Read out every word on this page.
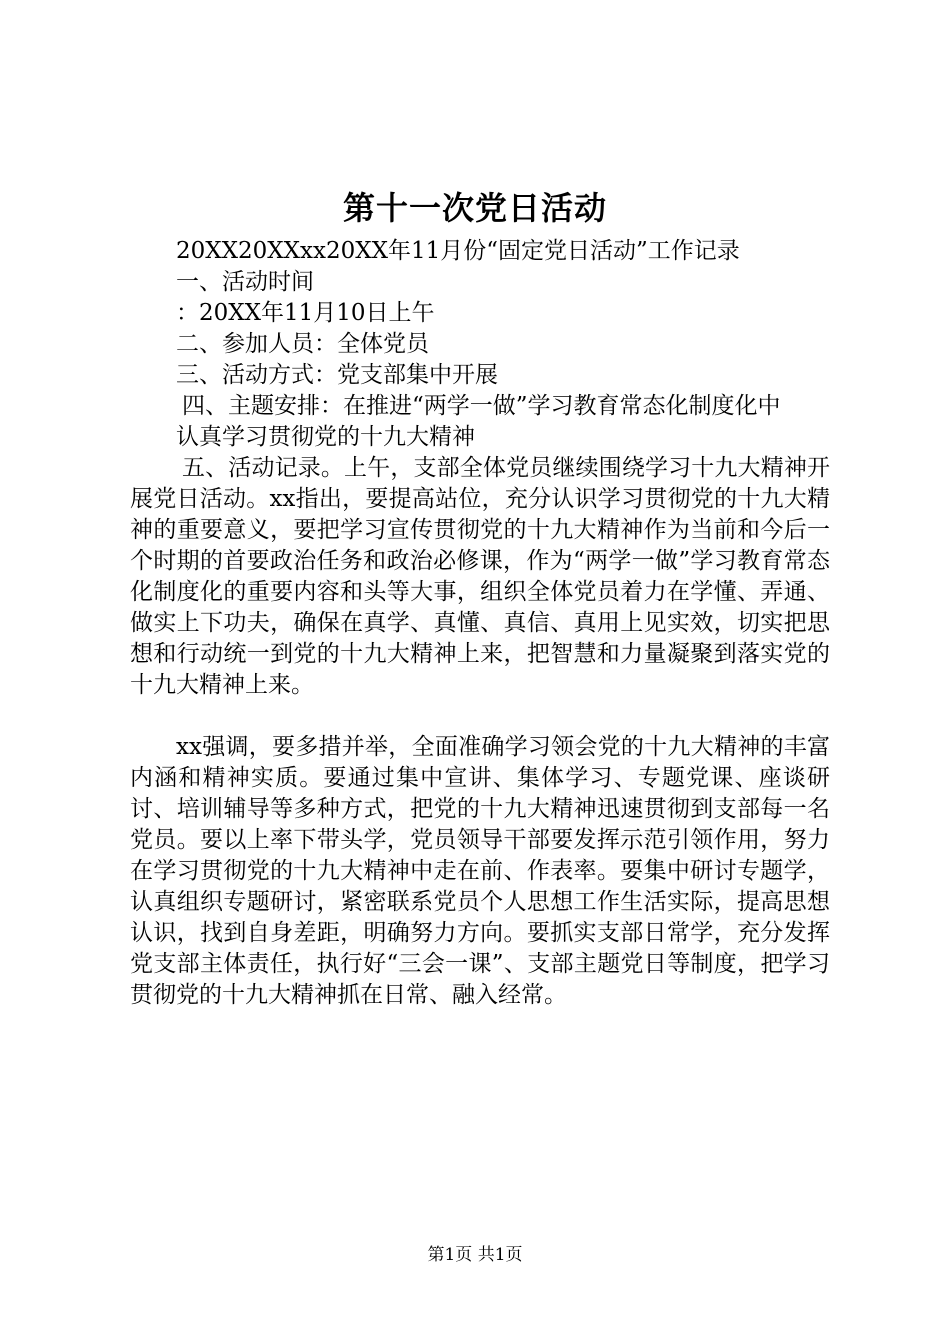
第十一次党日活动

20XX20XXxx20XX年11月份“固定党日活动”工作记录

一、活动时间

：20XX年11月10日上午

二、参加人员：全体党员

三、活动方式：党支部集中开展

四、主题安排：在推进“两学一做”学习教育常态化制度化中

认真学习贯彻党的十九大精神

五、活动记录。上午，支部全体党员继续围绕学习十九大精神开展党日活动。xx指出，要提高站位，充分认识学习贯彻党的十九大精神的重要意义，要把学习宣传贯彻党的十九大精神作为当前和今后一个时期的首要政治任务和政治必修课，作为“两学一做”学习教育常态化制度化的重要内容和头等大事，组织全体党员着力在学懂、弄通、做实上下功夫，确保在真学、真懂、真信、真用上见实效，切实把思想和行动统一到党的十九大精神上来，把智慧和力量凝聚到落实党的十九大精神上来。

xx强调，要多措并举，全面准确学习领会党的十九大精神的丰富内涵和精神实质。要通过集中宣讲、集体学习、专题党课、座谈研讨、培训辅导等多种方式，把党的十九大精神迅速贯彻到支部每一名党员。要以上率下带头学，党员领导干部要发挥示范引领作用，努力在学习贯彻党的十九大精神中走在前、作表率。要集中研讨专题学，认真组织专题研讨，紧密联系党员个人思想工作生活实际，提高思想认识，找到自身差距，明确努力方向。要抓实支部日常学，充分发挥党支部主体责任，执行好“三会一课”、支部主题党日等制度，把学习贯彻党的十九大精神抓在日常、融入经常。

第1页 共1页
